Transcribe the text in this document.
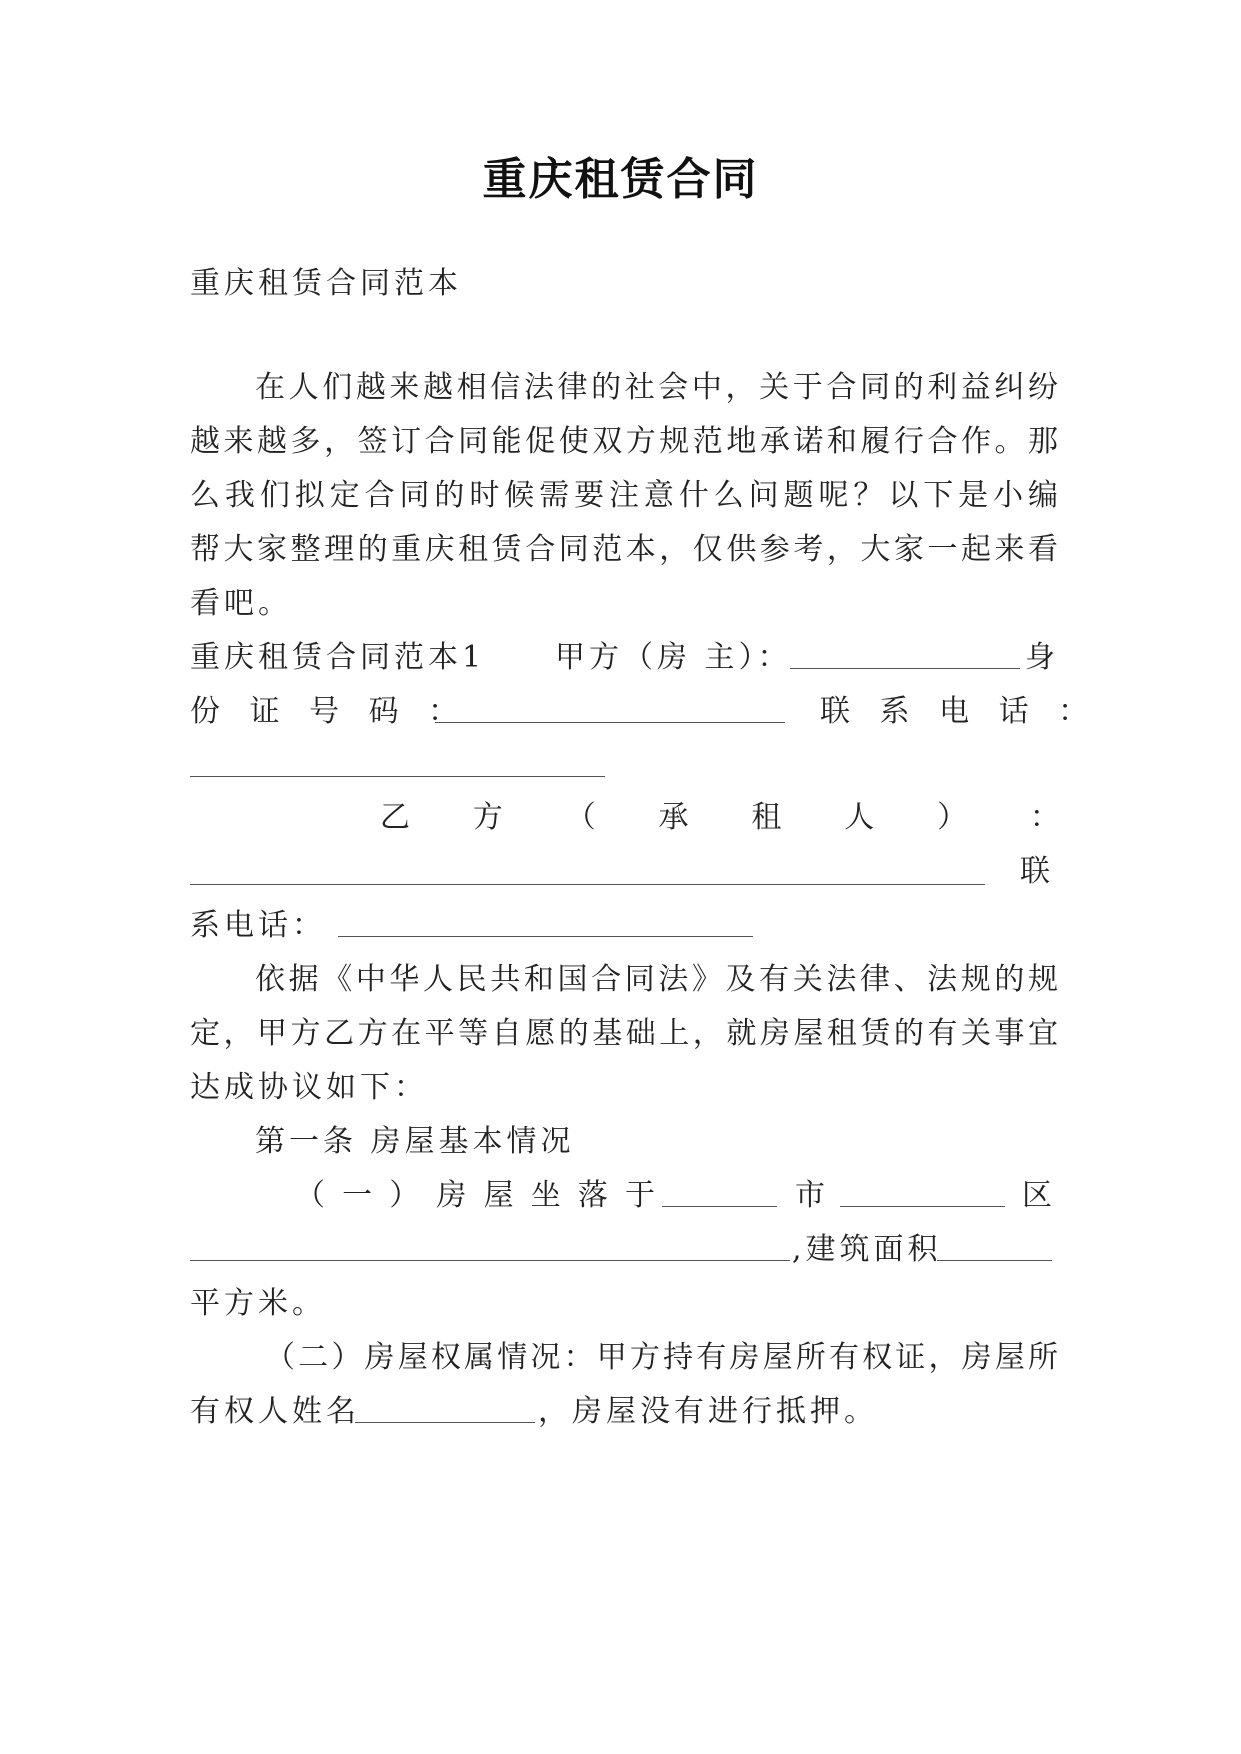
重庆租赁合同
重庆租赁合同范本
在人们越来越相信法律的社会中，关于合同的利益纠纷
越来越多，签订合同能促使双方规范地承诺和履行合作。那
么我们拟定合同的时候需要注意什么问题呢？以下是小编
帮大家整理的重庆租赁合同范本，仅供参考，大家一起来看
看吧。
重庆租赁合同范本1 甲方（房 主）：	身
份 证 号 码 ：	联 系 电 话 ：
乙 方 （ 承 租 人 ） ：
联
系电话：
依据《中华人民共和国合同法》及有关法律、法规的规
定，甲方乙方在平等自愿的基础上，就房屋租赁的有关事宜
达成协议如下：
第一条 房屋基本情况
（ 一 ） 房 屋 坐 落 于	市	区
,建筑面积
平方米。
（二）房屋权属情况：甲方持有房屋所有权证，房屋所
有权人姓名	，房屋没有进行抵押。
